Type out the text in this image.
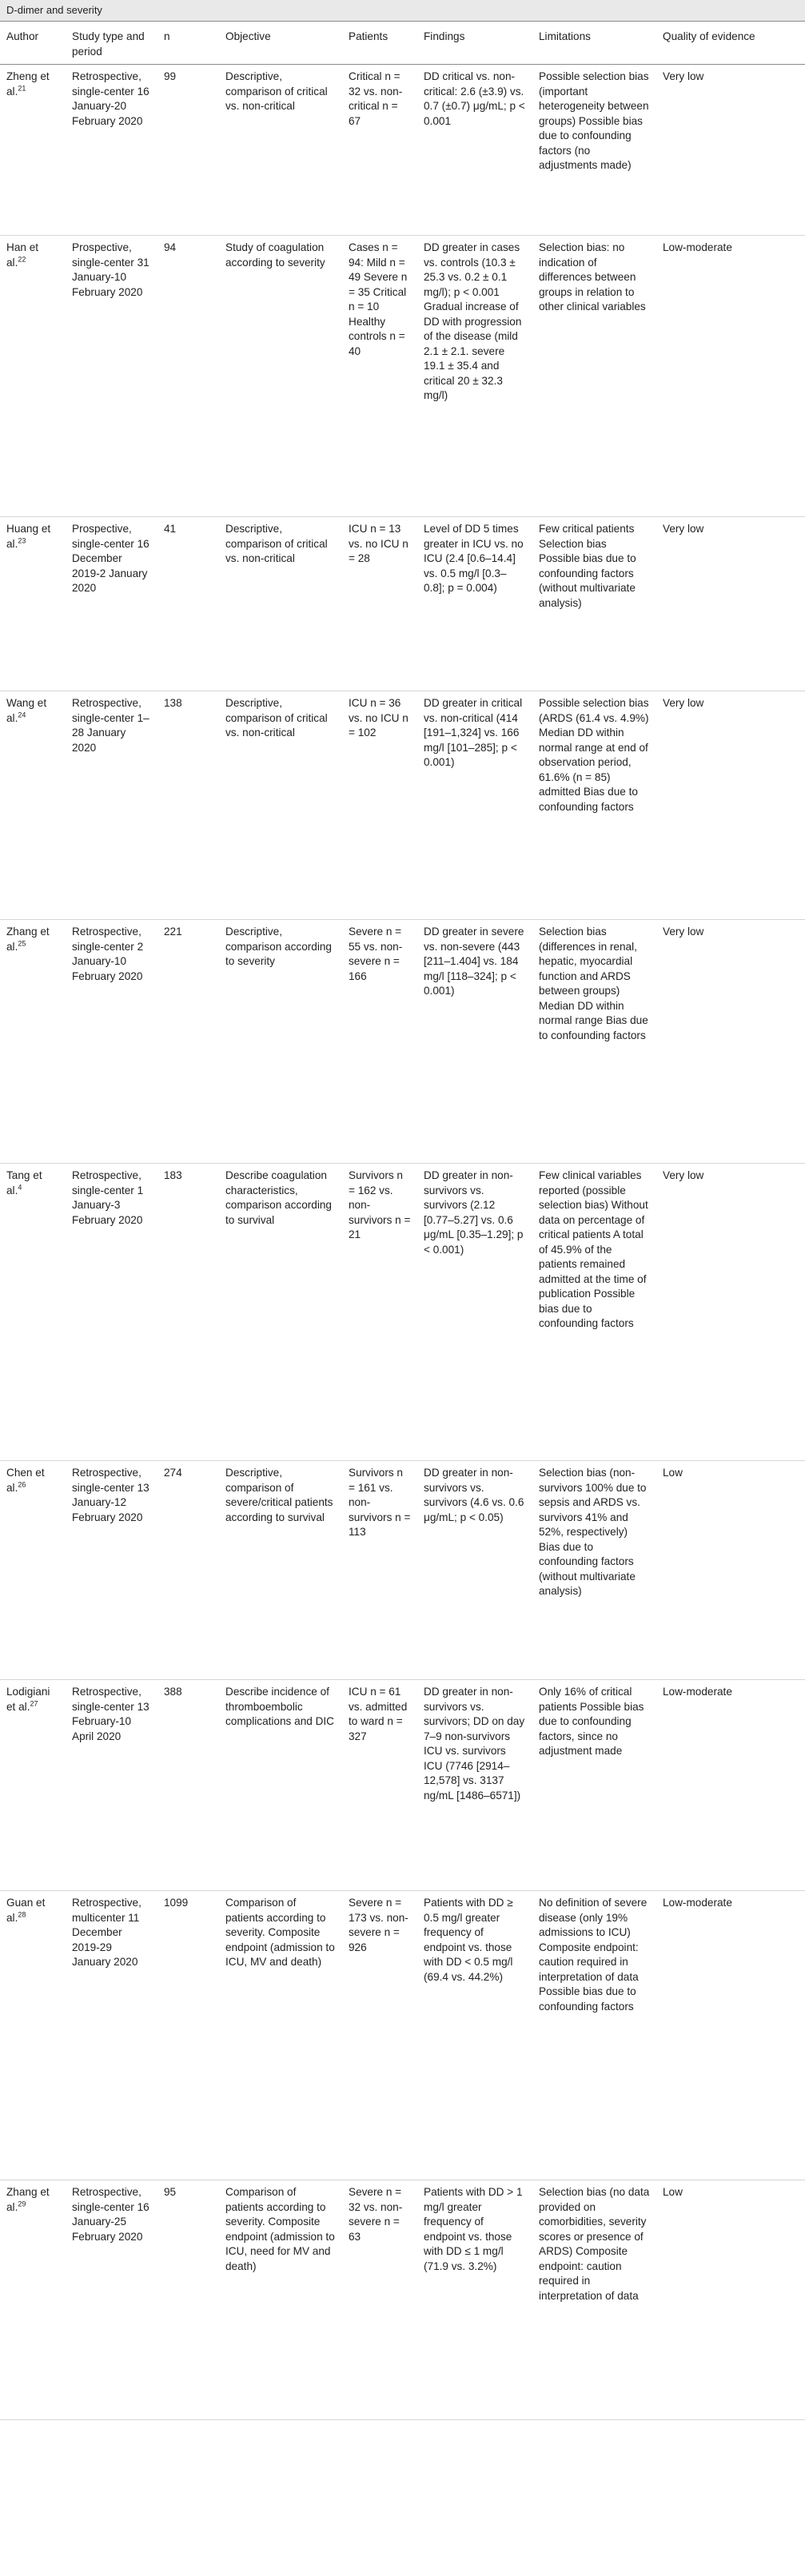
D-dimer and severity
Author	Study type and period	n	Objective	Patients	Findings	Limitations	Quality of evidence
Zheng et al.$^{21}$	Retrospective, single-center 16 January-20 February 2020	99	Descriptive, comparison of critical vs. non-critical	Critical n = 32 vs. non-critical n = 67	DD critical vs. non-critical: 2.6 (±3.9) vs. 0.7 (±0.7) μg/mL; p < 0.001	Possible selection bias (important heterogeneity between groups) Possible bias due to confounding factors (no adjustments made)	Very low
Han et al.$^{22}$	Prospective, single-center 31 January-10 February 2020	94	Study of coagulation according to severity	Cases n = 94: Mild n = 49 Severe n = 35 Critical n = 10 Healthy controls n = 40	DD greater in cases vs. controls (10.3 ± 25.3 vs. 0.2 ± 0.1 mg/l); p < 0.001 Gradual increase of DD with progression of the disease (mild 2.1 ± 2.1. severe 19.1 ± 35.4 and critical 20 ± 32.3 mg/l)	Selection bias: no indication of differences between groups in relation to other clinical variables	Low-moderate
Huang et al.$^{23}$	Prospective, single-center 16 December 2019-2 January 2020	41	Descriptive, comparison of critical vs. non-critical	ICU n = 13 vs. no ICU n = 28	Level of DD 5 times greater in ICU vs. no ICU (2.4 [0.6–14.4] vs. 0.5 mg/l [0.3–0.8]; p = 0.004)	Few critical patients Selection bias Possible bias due to confounding factors (without multivariate analysis)	Very low
Wang et al.$^{24}$	Retrospective, single-center 1–28 January 2020	138	Descriptive, comparison of critical vs. non-critical	ICU n = 36 vs. no ICU n = 102	DD greater in critical vs. non-critical (414 [191–1,324] vs. 166 mg/l [101–285]; p < 0.001)	Possible selection bias (ARDS (61.4 vs. 4.9%) Median DD within normal range at end of observation period, 61.6% (n = 85) admitted Bias due to confounding factors	Very low
Zhang et al.$^{25}$	Retrospective, single-center 2 January-10 February 2020	221	Descriptive, comparison according to severity	Severe n = 55 vs. non-severe n = 166	DD greater in severe vs. non-severe (443 [211–1.404] vs. 184 mg/l [118–324]; p < 0.001)	Selection bias (differences in renal, hepatic, myocardial function and ARDS between groups) Median DD within normal range Bias due to confounding factors	Very low
Tang et al.$^4$	Retrospective, single-center 1 January-3 February 2020	183	Describe coagulation characteristics, comparison according to survival	Survivors n = 162 vs. non-survivors n = 21	DD greater in non-survivors vs. survivors (2.12 [0.77–5.27] vs. 0.6 μg/mL [0.35–1.29]; p < 0.001)	Few clinical variables reported (possible selection bias) Without data on percentage of critical patients A total of 45.9% of the patients remained admitted at the time of publication Possible bias due to confounding factors	Very low
Chen et al.$^{26}$	Retrospective, single-center 13 January-12 February 2020	274	Descriptive, comparison of severe/critical patients according to survival	Survivors n = 161 vs. non-survivors n = 113	DD greater in non-survivors vs. survivors (4.6 vs. 0.6 μg/mL; p < 0.05)	Selection bias (non-survivors 100% due to sepsis and ARDS vs. survivors 41% and 52%, respectively) Bias due to confounding factors (without multivariate analysis)	Low
Lodigiani et al.$^{27}$	Retrospective, single-center 13 February-10 April 2020	388	Describe incidence of thromboembolic complications and DIC	ICU n = 61 vs. admitted to ward n = 327	DD greater in non-survivors vs. survivors; DD on day 7–9 non-survivors ICU vs. survivors ICU (7746 [2914–12,578] vs. 3137 ng/mL [1486–6571])	Only 16% of critical patients Possible bias due to confounding factors, since no adjustment made	Low-moderate
Guan et al.$^{28}$	Retrospective, multicenter 11 December 2019-29 January 2020	1099	Comparison of patients according to severity. Composite endpoint (admission to ICU, MV and death)	Severe n = 173 vs. non-severe n = 926	Patients with DD ≥ 0.5 mg/l greater frequency of endpoint vs. those with DD < 0.5 mg/l (69.4 vs. 44.2%)	No definition of severe disease (only 19% admissions to ICU) Composite endpoint: caution required in interpretation of data Possible bias due to confounding factors	Low-moderate
Zhang et al.$^{29}$	Retrospective, single-center 16 January-25 February 2020	95	Comparison of patients according to severity. Composite endpoint (admission to ICU, need for MV and death)	Severe n = 32 vs. non-severe n = 63	Patients with DD > 1 mg/l greater frequency of endpoint vs. those with DD ≤ 1 mg/l (71.9 vs. 3.2%)	Selection bias (no data provided on comorbidities, severity scores or presence of ARDS) Composite endpoint: caution required in interpretation of data	Low
